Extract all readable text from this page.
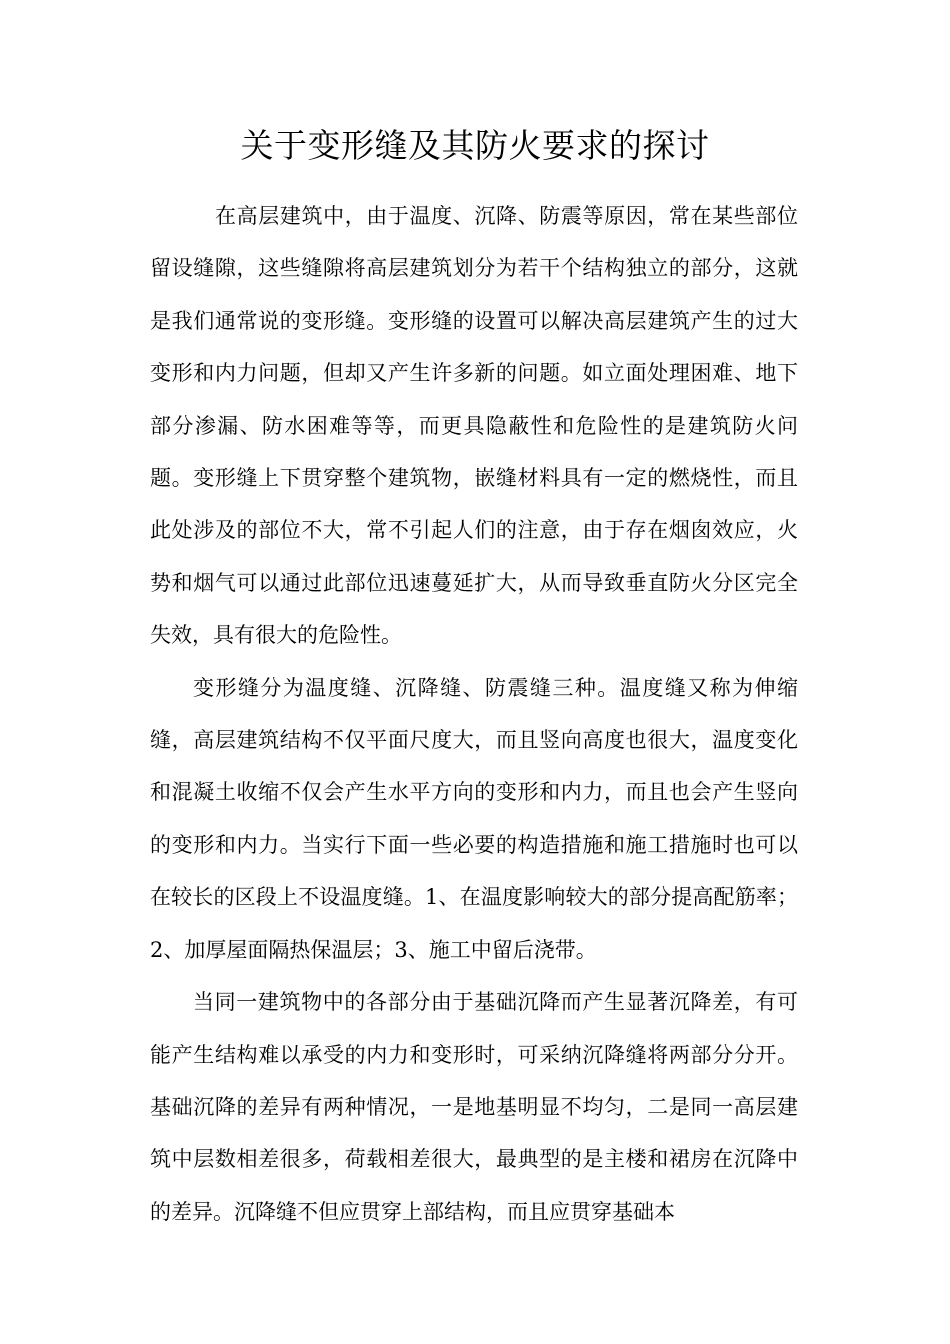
关于变形缝及其防火要求的探讨

在高层建筑中，由于温度、沉降、防震等原因，常在某些部位留设缝隙，这些缝隙将高层建筑划分为若干个结构独立的部分，这就是我们通常说的变形缝。变形缝的设置可以解决高层建筑产生的过大变形和内力问题，但却又产生许多新的问题。如立面处理困难、地下部分渗漏、防水困难等等，而更具隐蔽性和危险性的是建筑防火问题。变形缝上下贯穿整个建筑物，嵌缝材料具有一定的燃烧性，而且此处涉及的部位不大，常不引起人们的注意，由于存在烟囱效应，火势和烟气可以通过此部位迅速蔓延扩大，从而导致垂直防火分区完全失效，具有很大的危险性。

变形缝分为温度缝、沉降缝、防震缝三种。温度缝又称为伸缩缝，高层建筑结构不仅平面尺度大，而且竖向高度也很大，温度变化和混凝土收缩不仅会产生水平方向的变形和内力，而且也会产生竖向的变形和内力。当实行下面一些必要的构造措施和施工措施时也可以在较长的区段上不设温度缝。1、在温度影响较大的部分提高配筋率；2、加厚屋面隔热保温层；3、施工中留后浇带。

当同一建筑物中的各部分由于基础沉降而产生显著沉降差，有可能产生结构难以承受的内力和变形时，可采纳沉降缝将两部分分开。基础沉降的差异有两种情况，一是地基明显不均匀，二是同一高层建筑中层数相差很多，荷载相差很大，最典型的是主楼和裙房在沉降中的差异。沉降缝不但应贯穿上部结构，而且应贯穿基础本
